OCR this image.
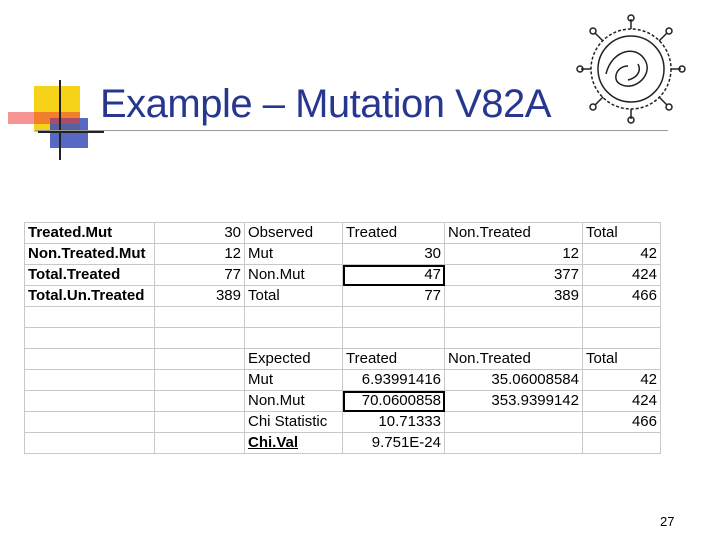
Example – Mutation V82A
Treated.Mut	30	Observed	Treated	Non.Treated	Total
Non.Treated.Mut	12	Mut	30	12	42
Total.Treated	77	Non.Mut	47	377	424
Total.Un.Treated	389	Total	77	389	466

		Expected	Treated	Non.Treated	Total
		Mut	6.93991416	35.06008584	42
		Non.Mut	70.0600858	353.9399142	424
		Chi Statistic	10.71333		466
		Chi.Val	9.751E-24		
27
